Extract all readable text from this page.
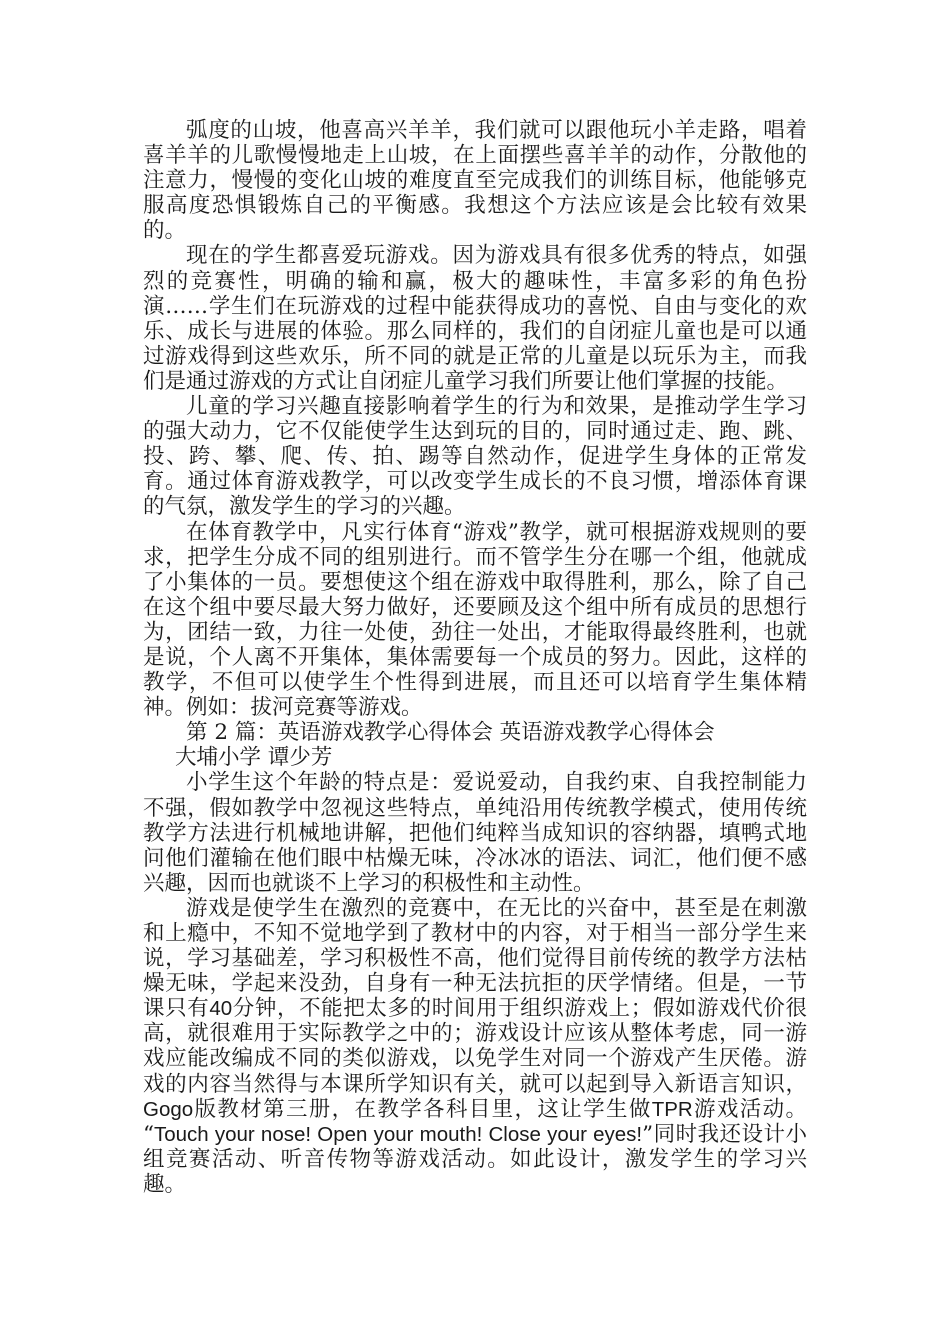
弧度的山坡，他喜高兴羊羊，我们就可以跟他玩小羊走路，唱着喜羊羊的儿歌慢慢地走上山坡，在上面摆些喜羊羊的动作，分散他的注意力，慢慢的变化山坡的难度直至完成我们的训练目标，他能够克服高度恐惧锻炼自己的平衡感。我想这个方法应该是会比较有效果的。

现在的学生都喜爱玩游戏。因为游戏具有很多优秀的特点，如强烈的竞赛性，明确的输和赢，极大的趣味性，丰富多彩的角色扮演……学生们在玩游戏的过程中能获得成功的喜悦、自由与变化的欢乐、成长与进展的体验。那么同样的，我们的自闭症儿童也是可以通过游戏得到这些欢乐，所不同的就是正常的儿童是以玩乐为主，而我们是通过游戏的方式让自闭症儿童学习我们所要让他们掌握的技能。

儿童的学习兴趣直接影响着学生的行为和效果，是推动学生学习的强大动力，它不仅能使学生达到玩的目的，同时通过走、跑、跳、投、跨、攀、爬、传、拍、踢等自然动作，促进学生身体的正常发育。通过体育游戏教学，可以改变学生成长的不良习惯，增添体育课的气氛，激发学生的学习的兴趣。

在体育教学中，凡实行体育“游戏”教学，就可根据游戏规则的要求，把学生分成不同的组别进行。而不管学生分在哪一个组，他就成了小集体的一员。要想使这个组在游戏中取得胜利，那么，除了自己在这个组中要尽最大努力做好，还要顾及这个组中所有成员的思想行为，团结一致，力往一处使，劲往一处出，才能取得最终胜利，也就是说，个人离不开集体，集体需要每一个成员的努力。因此，这样的教学，不但可以使学生个性得到进展，而且还可以培育学生集体精神。例如：拔河竞赛等游戏。

第 2 篇：英语游戏教学心得体会 英语游戏教学心得体会

大埔小学 谭少芳

小学生这个年龄的特点是：爱说爱动，自我约束、自我控制能力不强，假如教学中忽视这些特点，单纯沿用传统教学模式，使用传统教学方法进行机械地讲解，把他们纯粹当成知识的容纳器，填鸭式地问他们灌输在他们眼中枯燥无味，冷冰冰的语法、词汇，他们便不感兴趣，因而也就谈不上学习的积极性和主动性。

游戏是使学生在激烈的竞赛中，在无比的兴奋中，甚至是在刺激和上瘾中，不知不觉地学到了教材中的内容，对于相当一部分学生来说，学习基础差，学习积极性不高，他们觉得目前传统的教学方法枯燥无味，学起来没劲，自身有一种无法抗拒的厌学情绪。但是，一节课只有40分钟，不能把太多的时间用于组织游戏上；假如游戏代价很高，就很难用于实际教学之中的；游戏设计应该从整体考虑，同一游戏应能改编成不同的类似游戏，以免学生对同一个游戏产生厌倦。游戏的内容当然得与本课所学知识有关，就可以起到导入新语言知识，Gogo版教材第三册，在教学各科目里，这让学生做TPR游戏活动。“Touch your nose! Open your mouth! Close your eyes!”同时我还设计小组竞赛活动、听音传物等游戏活动。如此设计，激发学生的学习兴趣。
